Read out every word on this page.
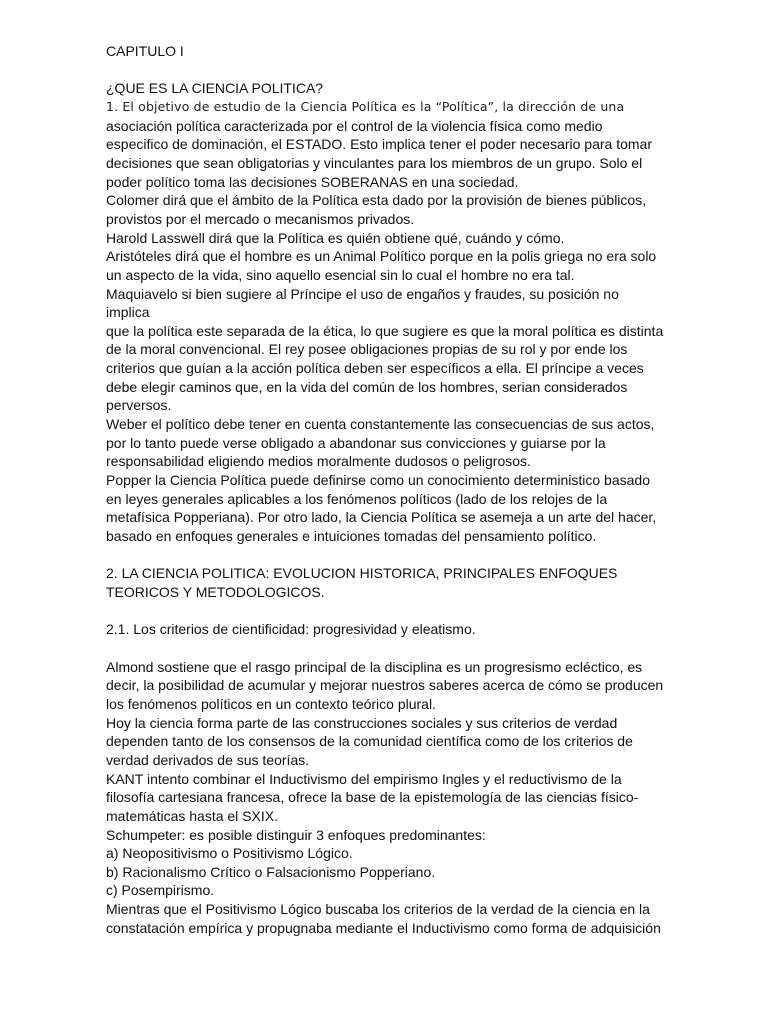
CAPITULO I

¿QUE ES LA CIENCIA POLITICA?

1. El objetivo de estudio de la Ciencia Política es la “Política”, la dirección de una

asociación política caracterizada por el control de la violencia física como medio
especifico de dominación, el ESTADO. Esto implica tener el poder necesario para tomar
decisiones que sean obligatorias y vinculantes para los miembros de un grupo. Solo el
poder político toma las decisiones SOBERANAS en una sociedad.

Colomer dirá que el ámbito de la Política esta dado por la provisión de bienes públicos,
provistos por el mercado o mecanismos privados.

Harold Lasswell dirá que la Política es quién obtiene qué, cuándo y cómo.

Aristóteles dirá que el hombre es un Animal Político porque en la polis griega no era solo
un aspecto de la vida, sino aquello esencial sin lo cual el hombre no era tal.

Maquiavelo si bien sugiere al Príncipe el uso de engaños y fraudes, su posición no implica
que la política este separada de la ética, lo que sugiere es que la moral política es distinta
de la moral convencional. El rey posee obligaciones propias de su rol y por ende los
criterios que guían a la acción política deben ser específicos a ella. El príncipe a veces
debe elegir caminos que, en la vida del común de los hombres, serian considerados
perversos.

Weber el político debe tener en cuenta constantemente las consecuencias de sus actos,
por lo tanto puede verse obligado a abandonar sus convicciones y guiarse por la
responsabilidad eligiendo medios moralmente dudosos o peligrosos.

Popper la Ciencia Política puede definirse como un conocimiento deterministico basado
en leyes generales aplicables a los fenómenos políticos (lado de los relojes de la
metafísica Popperiana). Por otro lado, la Ciencia Política se asemeja a un arte del hacer,
basado en enfoques generales e intuiciones tomadas del pensamiento político.

2. LA CIENCIA POLITICA: EVOLUCION HISTORICA, PRINCIPALES ENFOQUES
TEORICOS Y METODOLOGICOS.

2.1. Los criterios de cientificidad: progresividad y eleatismo.

Almond sostiene que el rasgo principal de la disciplina es un progresismo ecléctico, es
decir, la posibilidad de acumular y mejorar nuestros saberes acerca de cómo se producen
los fenómenos políticos en un contexto teórico plural.

Hoy la ciencia forma parte de las construcciones sociales y sus criterios de verdad
dependen tanto de los consensos de la comunidad científica como de los criterios de
verdad derivados de sus teorías.

KANT intento combinar el Inductivismo del empirismo Ingles y el reductivismo de la
filosofía cartesiana francesa, ofrece la base de la epistemología de las ciencias físico-
matemáticas hasta el SXIX.

Schumpeter: es posible distinguir 3 enfoques predominantes:

a) Neopositivismo o Positivismo Lógico.

b) Racionalismo Crítico o Falsacionismo Popperiano.

c) Posempirismo.

Mientras que el Positivismo Lógico buscaba los criterios de la verdad de la ciencia en la
constatación empírica y propugnaba mediante el Inductivismo como forma de adquisición
